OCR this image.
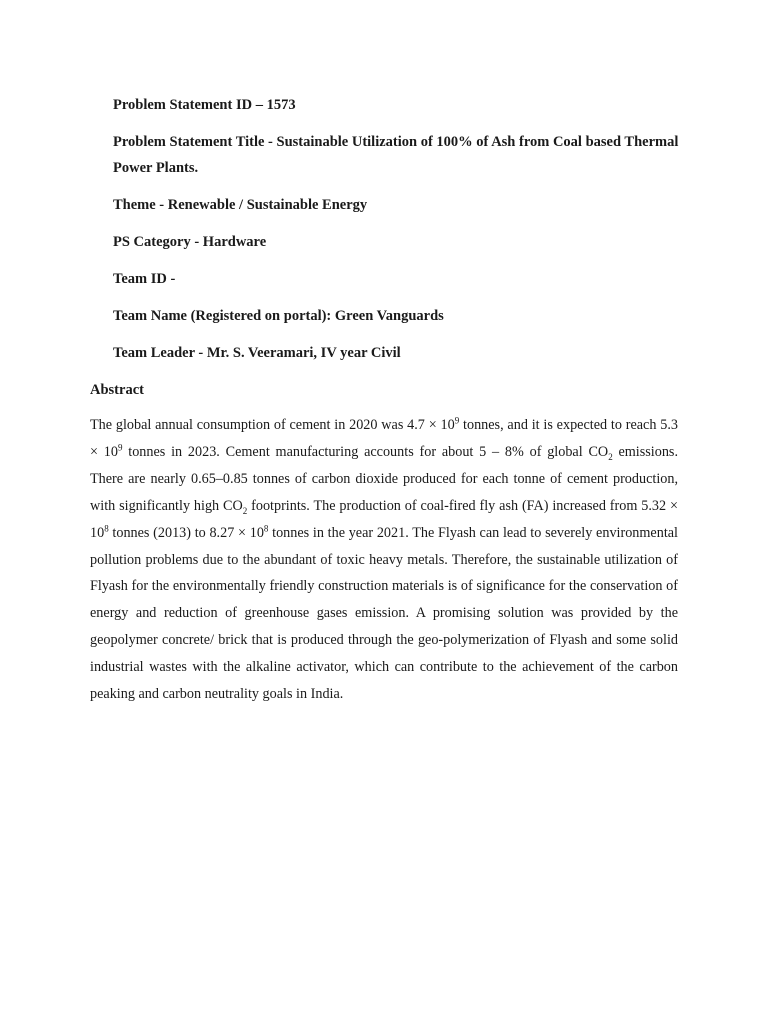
Problem Statement ID – 1573

Problem Statement Title - Sustainable Utilization of 100% of Ash from Coal based Thermal Power Plants.

Theme - Renewable / Sustainable Energy

PS Category - Hardware

Team ID -

Team Name (Registered on portal): Green Vanguards

Team Leader - Mr. S. Veeramari, IV year Civil

Abstract

The global annual consumption of cement in 2020 was $4.7 \times 10^9$ tonnes, and it is expected to reach $5.3 \times 10^9$ tonnes in 2023. Cement manufacturing accounts for about 5 – 8% of global $CO_2$ emissions. There are nearly 0.65–0.85 tonnes of carbon dioxide produced for each tonne of cement production, with significantly high $CO_2$ footprints. The production of coal-fired fly ash (FA) increased from $5.32 \times 10^8$ tonnes (2013) to $8.27 \times 10^8$ tonnes in the year 2021. The Flyash can lead to severely environmental pollution problems due to the abundant of toxic heavy metals. Therefore, the sustainable utilization of Flyash for the environmentally friendly construction materials is of significance for the conservation of energy and reduction of greenhouse gases emission. A promising solution was provided by the geopolymer concrete/ brick that is produced through the geo-polymerization of Flyash and some solid industrial wastes with the alkaline activator, which can contribute to the achievement of the carbon peaking and carbon neutrality goals in India.
